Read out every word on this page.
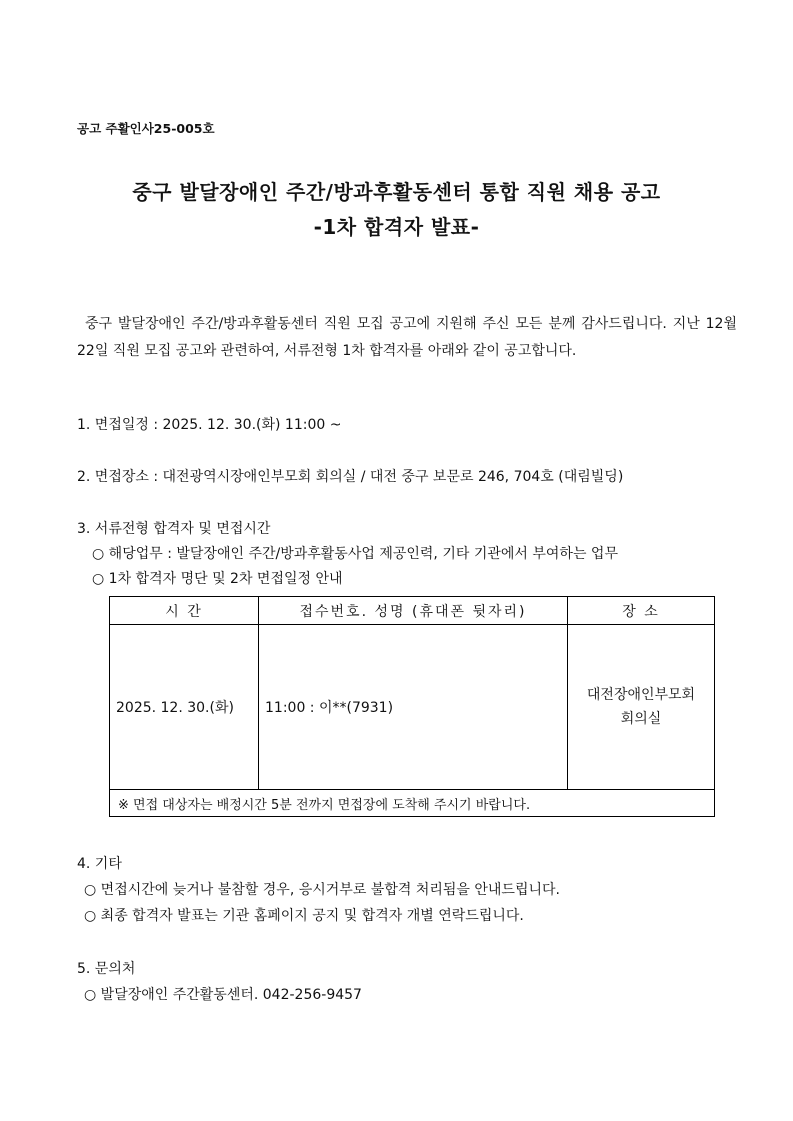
공고 주활인사25-005호
중구 발달장애인 주간/방과후활동센터 통합 직원 채용 공고
-1차 합격자 발표-

중구 발달장애인 주간/방과후활동센터 직원 모집 공고에 지원해 주신 모든 분께 감사드립니다. 지난 12월 22일 직원 모집 공고와 관련하여, 서류전형 1차 합격자를 아래와 같이 공고합니다.

1. 면접일정 : 2025. 12. 30.(화) 11:00 ~
2. 면접장소 : 대전광역시장애인부모회 회의실 / 대전 중구 보문로 246, 704호 (대림빌딩)
3. 서류전형 합격자 및 면접시간
○ 해당업무 : 발달장애인 주간/방과후활동사업 제공인력, 기타 기관에서 부여하는 업무
○ 1차 합격자 명단 및 2차 면접일정 안내
시 간	접수번호. 성명 (휴대폰 뒷자리)	장 소
2025. 12. 30.(화)	11:00 : 이**(7931)	대전장애인부모회
회의실

※ 면접 대상자는 배정시간 5분 전까지 면접장에 도착해 주시기 바랍니다.		
4. 기타
○ 면접시간에 늦거나 불참할 경우, 응시거부로 불합격 처리됨을 안내드립니다.
○ 최종 합격자 발표는 기관 홈페이지 공지 및 합격자 개별 연락드립니다.
5. 문의처
○ 발달장애인 주간활동센터. 042-256-9457
